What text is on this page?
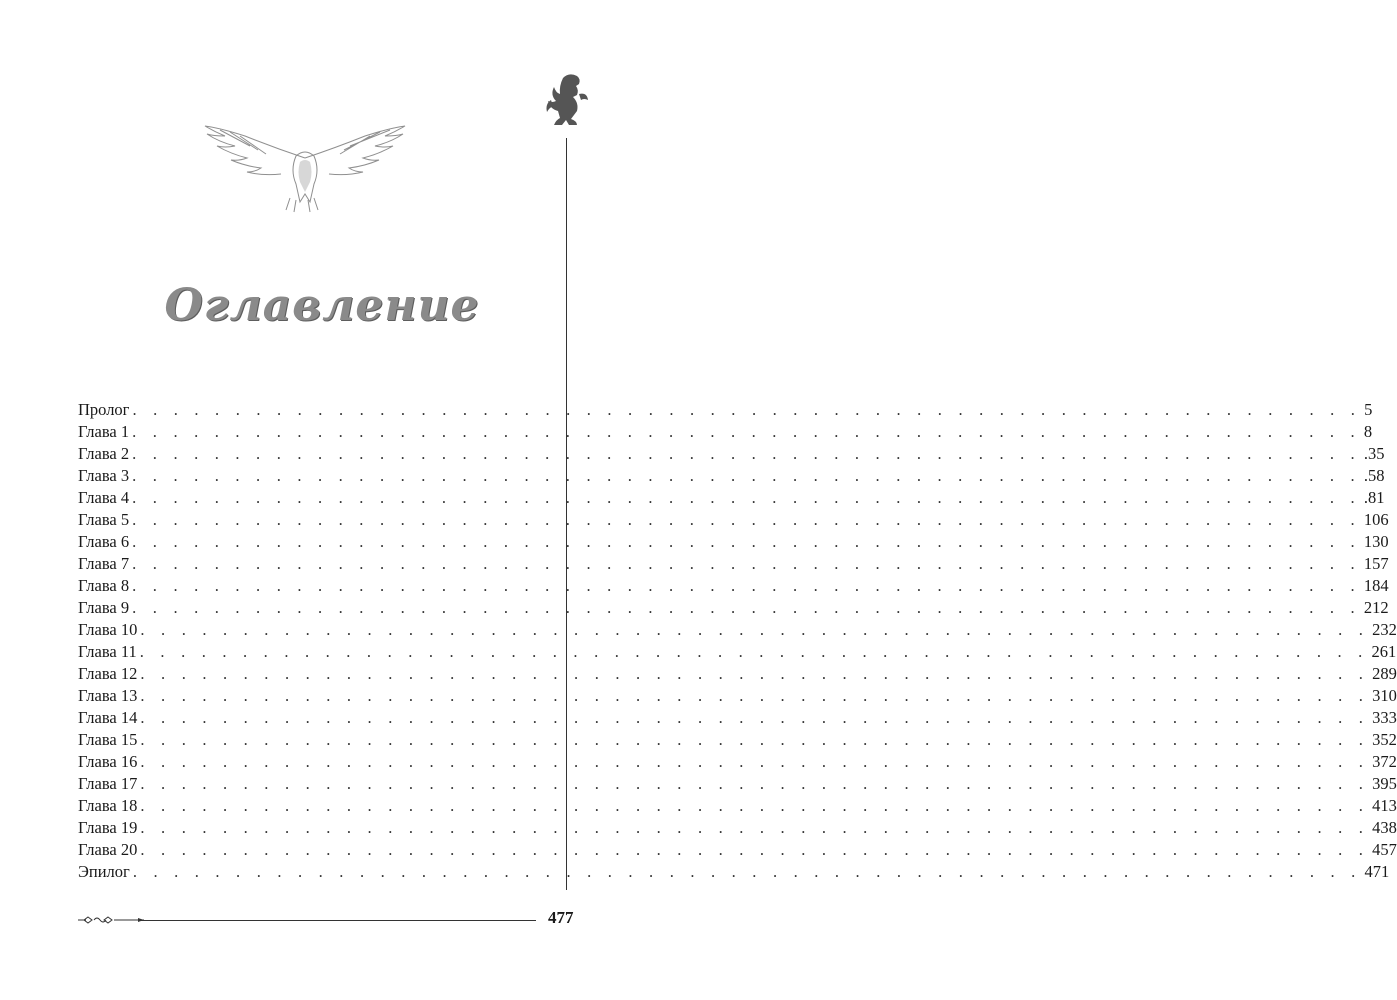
Оглавление
Пролог . . . . . . . . . . . . . . . . . . . . . . . . . . . . . . . . . . . . . . . . . . . . . . . . . . . . . . . . . . . . 5
Глава 1 . . . . . . . . . . . . . . . . . . . . . . . . . . . . . . . . . . . . . . . . . . . . . . . . . . . . . . . . . . . . 8
Глава 2 . . . . . . . . . . . . . . . . . . . . . . . . . . . . . . . . . . . . . . . . . . . . . . . . . . . . . . . . . . . . .35
Глава 3 . . . . . . . . . . . . . . . . . . . . . . . . . . . . . . . . . . . . . . . . . . . . . . . . . . . . . . . . . . . . .58
Глава 4 . . . . . . . . . . . . . . . . . . . . . . . . . . . . . . . . . . . . . . . . . . . . . . . . . . . . . . . . . . . . .81
Глава 5 . . . . . . . . . . . . . . . . . . . . . . . . . . . . . . . . . . . . . . . . . . . . . . . . . . . . . . . . . . . . 106
Глава 6 . . . . . . . . . . . . . . . . . . . . . . . . . . . . . . . . . . . . . . . . . . . . . . . . . . . . . . . . . . . . 130
Глава 7 . . . . . . . . . . . . . . . . . . . . . . . . . . . . . . . . . . . . . . . . . . . . . . . . . . . . . . . . . . . . 157
Глава 8 . . . . . . . . . . . . . . . . . . . . . . . . . . . . . . . . . . . . . . . . . . . . . . . . . . . . . . . . . . . . 184
Глава 9 . . . . . . . . . . . . . . . . . . . . . . . . . . . . . . . . . . . . . . . . . . . . . . . . . . . . . . . . . . . . 212
Глава 10 . . . . . . . . . . . . . . . . . . . . . . . . . . . . . . . . . . . . . . . . . . . . . . . . . . . . . . . . . . . . 232
Глава 11 . . . . . . . . . . . . . . . . . . . . . . . . . . . . . . . . . . . . . . . . . . . . . . . . . . . . . . . . . . . . 261
Глава 12 . . . . . . . . . . . . . . . . . . . . . . . . . . . . . . . . . . . . . . . . . . . . . . . . . . . . . . . . . . . . 289
Глава 13 . . . . . . . . . . . . . . . . . . . . . . . . . . . . . . . . . . . . . . . . . . . . . . . . . . . . . . . . . . . . 310
Глава 14 . . . . . . . . . . . . . . . . . . . . . . . . . . . . . . . . . . . . . . . . . . . . . . . . . . . . . . . . . . . . 333
Глава 15 . . . . . . . . . . . . . . . . . . . . . . . . . . . . . . . . . . . . . . . . . . . . . . . . . . . . . . . . . . . . 352
Глава 16 . . . . . . . . . . . . . . . . . . . . . . . . . . . . . . . . . . . . . . . . . . . . . . . . . . . . . . . . . . . . 372
Глава 17 . . . . . . . . . . . . . . . . . . . . . . . . . . . . . . . . . . . . . . . . . . . . . . . . . . . . . . . . . . . . 395
Глава 18 . . . . . . . . . . . . . . . . . . . . . . . . . . . . . . . . . . . . . . . . . . . . . . . . . . . . . . . . . . . . 413
Глава 19 . . . . . . . . . . . . . . . . . . . . . . . . . . . . . . . . . . . . . . . . . . . . . . . . . . . . . . . . . . . . 438
Глава 20 . . . . . . . . . . . . . . . . . . . . . . . . . . . . . . . . . . . . . . . . . . . . . . . . . . . . . . . . . . . . 457
Эпилог . . . . . . . . . . . . . . . . . . . . . . . . . . . . . . . . . . . . . . . . . . . . . . . . . . . . . . . . . . . . 471
477
